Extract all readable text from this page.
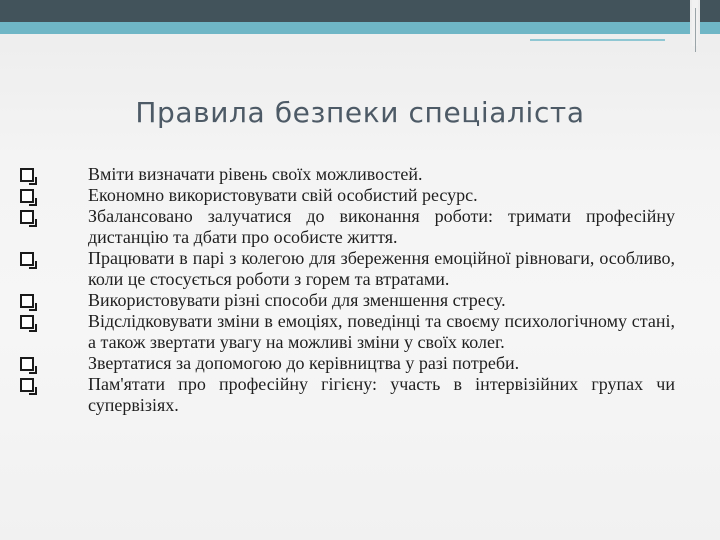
Правила безпеки спеціаліста
Вміти визначати рівень своїх можливостей.
Економно використовувати свій особистий ресурс.
Збалансовано залучатися до виконання роботи: тримати професійну дистанцію та дбати про особисте життя.
Працювати в парі з колегою для збереження емоційної рівноваги, особливо, коли це стосується роботи з горем та втратами.
Використовувати різні способи для зменшення стресу.
Відслідковувати зміни в емоціях, поведінці та своєму психологічному стані, а також звертати увагу на можливі зміни у своїх колег.
Звертатися за допомогою до керівництва у разі потреби.
Пам'ятати про професійну гігієну: участь в інтервізійних групах чи супервізіях.
